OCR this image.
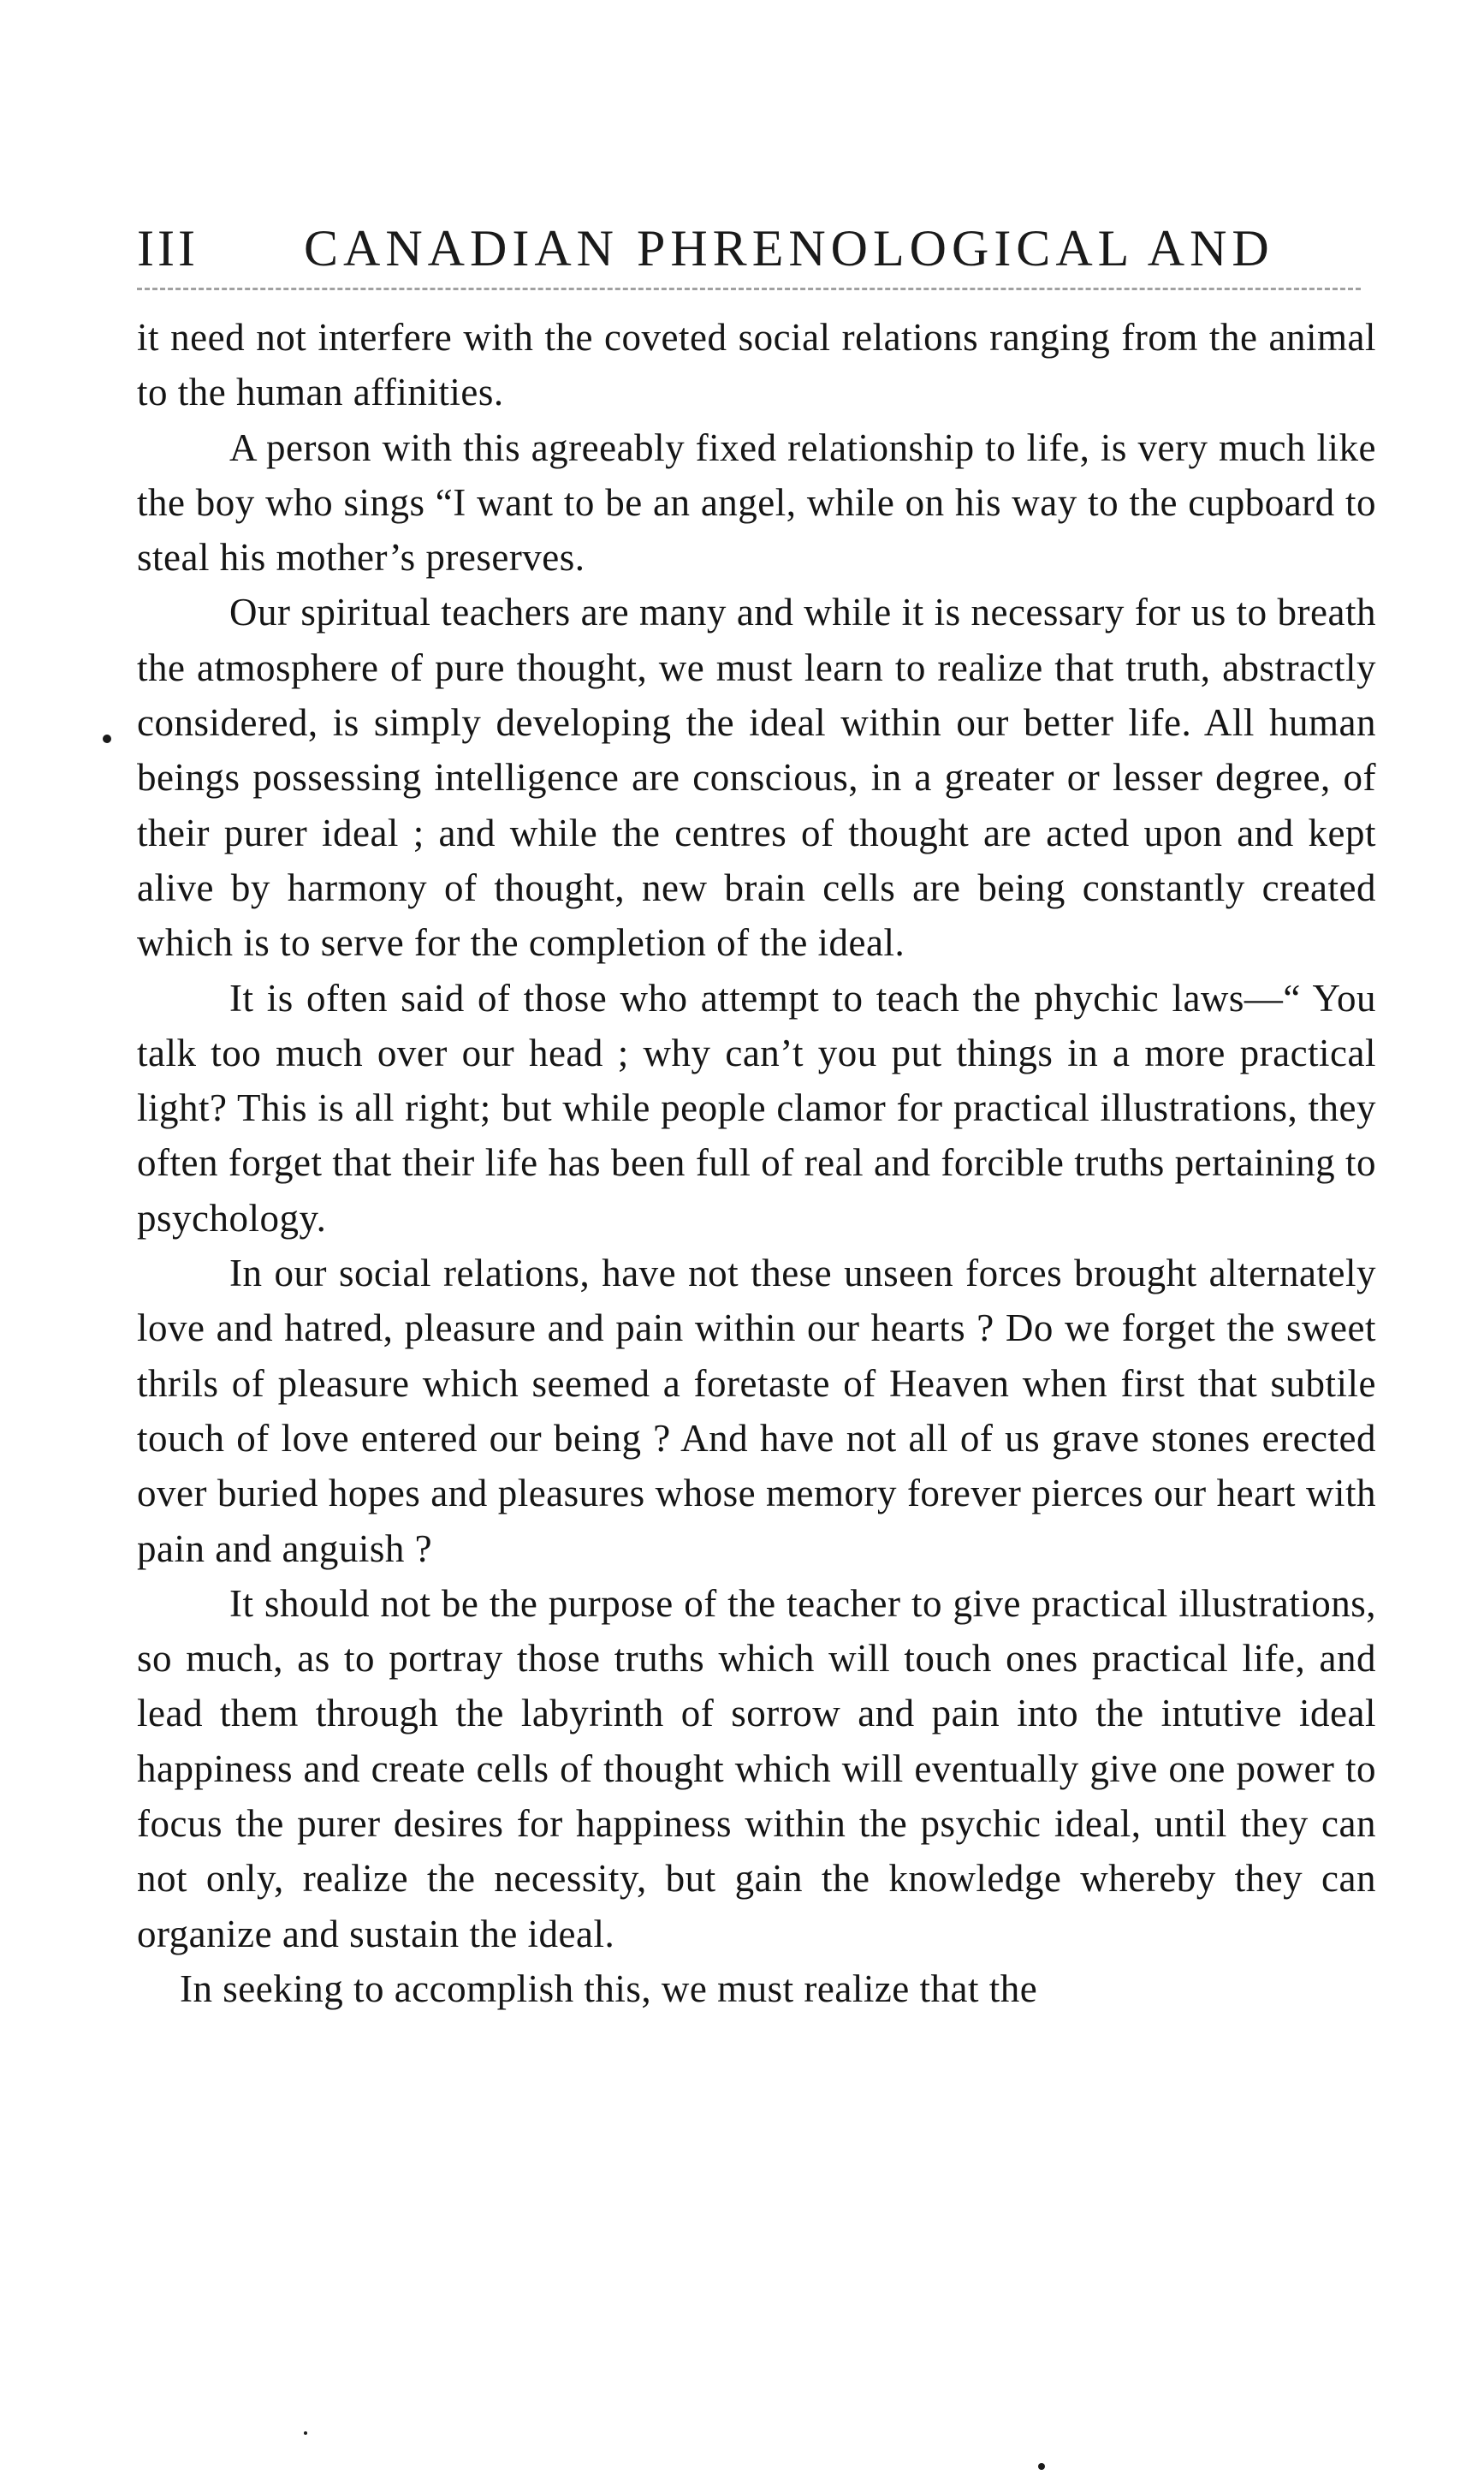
III CANADIAN PHRENOLOGICAL AND

it need not interfere with the coveted social relations ranging from the animal to the human affinities.

A person with this agreeably fixed relationship to life, is very much like the boy who sings “I want to be an angel, while on his way to the cupboard to steal his mother’s preserves.

Our spiritual teachers are many and while it is necessary for us to breath the atmosphere of pure thought, we must learn to realize that truth, abstractly considered, is simply developing the ideal within our better life. All human beings possessing intelligence are conscious, in a greater or lesser degree, of their purer ideal ; and while the centres of thought are acted upon and kept alive by harmony of thought, new brain cells are being constantly created which is to serve for the completion of the ideal.

It is often said of those who attempt to teach the phychic laws—“ You talk too much over our head ; why can’t you put things in a more practical light? This is all right; but while people clamor for practical illustrations, they often forget that their life has been full of real and forcible truths pertaining to psychology.

In our social relations, have not these unseen forces brought alternately love and hatred, pleasure and pain within our hearts ? Do we forget the sweet thrils of pleasure which seemed a foretaste of Heaven when first that subtile touch of love entered our being ? And have not all of us grave stones erected over buried hopes and pleasures whose memory forever pierces our heart with pain and anguish ?

It should not be the purpose of the teacher to give practical illustrations, so much, as to portray those truths which will touch ones practical life, and lead them through the labyrinth of sorrow and pain into the intutive ideal happiness and create cells of thought which will eventually give one power to focus the purer desires for happiness within the psychic ideal, until they can not only, realize the necessity, but gain the knowledge whereby they can organize and sustain the ideal.

In seeking to accomplish this, we must realize that the
